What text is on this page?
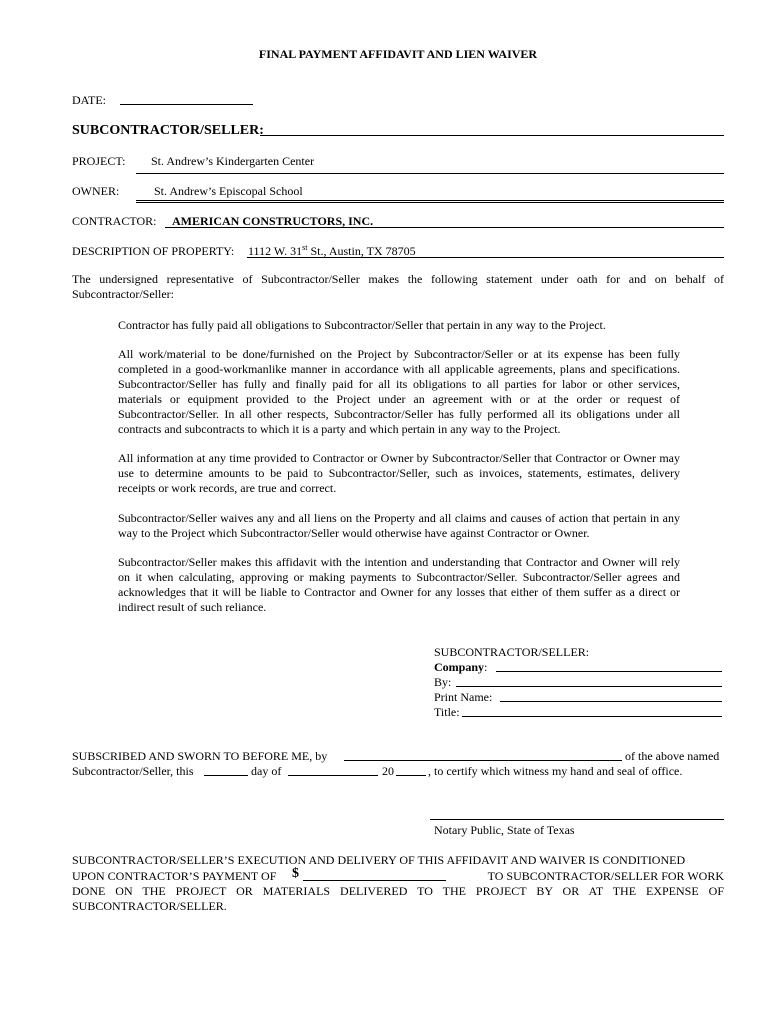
FINAL PAYMENT AFFIDAVIT AND LIEN WAIVER
DATE:
SUBCONTRACTOR/SELLER:
PROJECT: St. Andrew’s Kindergarten Center
OWNER:	St. Andrew’s Episcopal School
CONTRACTOR: AMERICAN CONSTRUCTORS, INC.
DESCRIPTION OF PROPERTY: 1112 W. 31st St., Austin, TX 78705
The undersigned representative of Subcontractor/Seller makes the following statement under oath for and on behalf of Subcontractor/Seller:
Contractor has fully paid all obligations to Subcontractor/Seller that pertain in any way to the Project.
All work/material to be done/furnished on the Project by Subcontractor/Seller or at its expense has been fully completed in a good-workmanlike manner in accordance with all applicable agreements, plans and specifications. Subcontractor/Seller has fully and finally paid for all its obligations to all parties for labor or other services, materials or equipment provided to the Project under an agreement with or at the order or request of Subcontractor/Seller. In all other respects, Subcontractor/Seller has fully performed all its obligations under all contracts and subcontracts to which it is a party and which pertain in any way to the Project.
All information at any time provided to Contractor or Owner by Subcontractor/Seller that Contractor or Owner may use to determine amounts to be paid to Subcontractor/Seller, such as invoices, statements, estimates, delivery receipts or work records, are true and correct.
Subcontractor/Seller waives any and all liens on the Property and all claims and causes of action that pertain in any way to the Project which Subcontractor/Seller would otherwise have against Contractor or Owner.
Subcontractor/Seller makes this affidavit with the intention and understanding that Contractor and Owner will rely on it when calculating, approving or making payments to Subcontractor/Seller. Subcontractor/Seller agrees and acknowledges that it will be liable to Contractor and Owner for any losses that either of them suffer as a direct or indirect result of such reliance.
SUBCONTRACTOR/SELLER:
Company:
By:
Print Name:
Title:
SUBSCRIBED AND SWORN TO BEFORE ME, by	of the above named
Subcontractor/Seller, this	day of	20	, to certify which witness my hand and seal of office.
Notary Public, State of Texas
SUBCONTRACTOR/SELLER’S EXECUTION AND DELIVERY OF THIS AFFIDAVIT AND WAIVER IS CONDITIONED
UPON CONTRACTOR’S PAYMENT OF $	TO SUBCONTRACTOR/SELLER FOR WORK
DONE ON THE PROJECT OR MATERIALS DELIVERED TO THE PROJECT BY OR AT THE EXPENSE OF
SUBCONTRACTOR/SELLER.
